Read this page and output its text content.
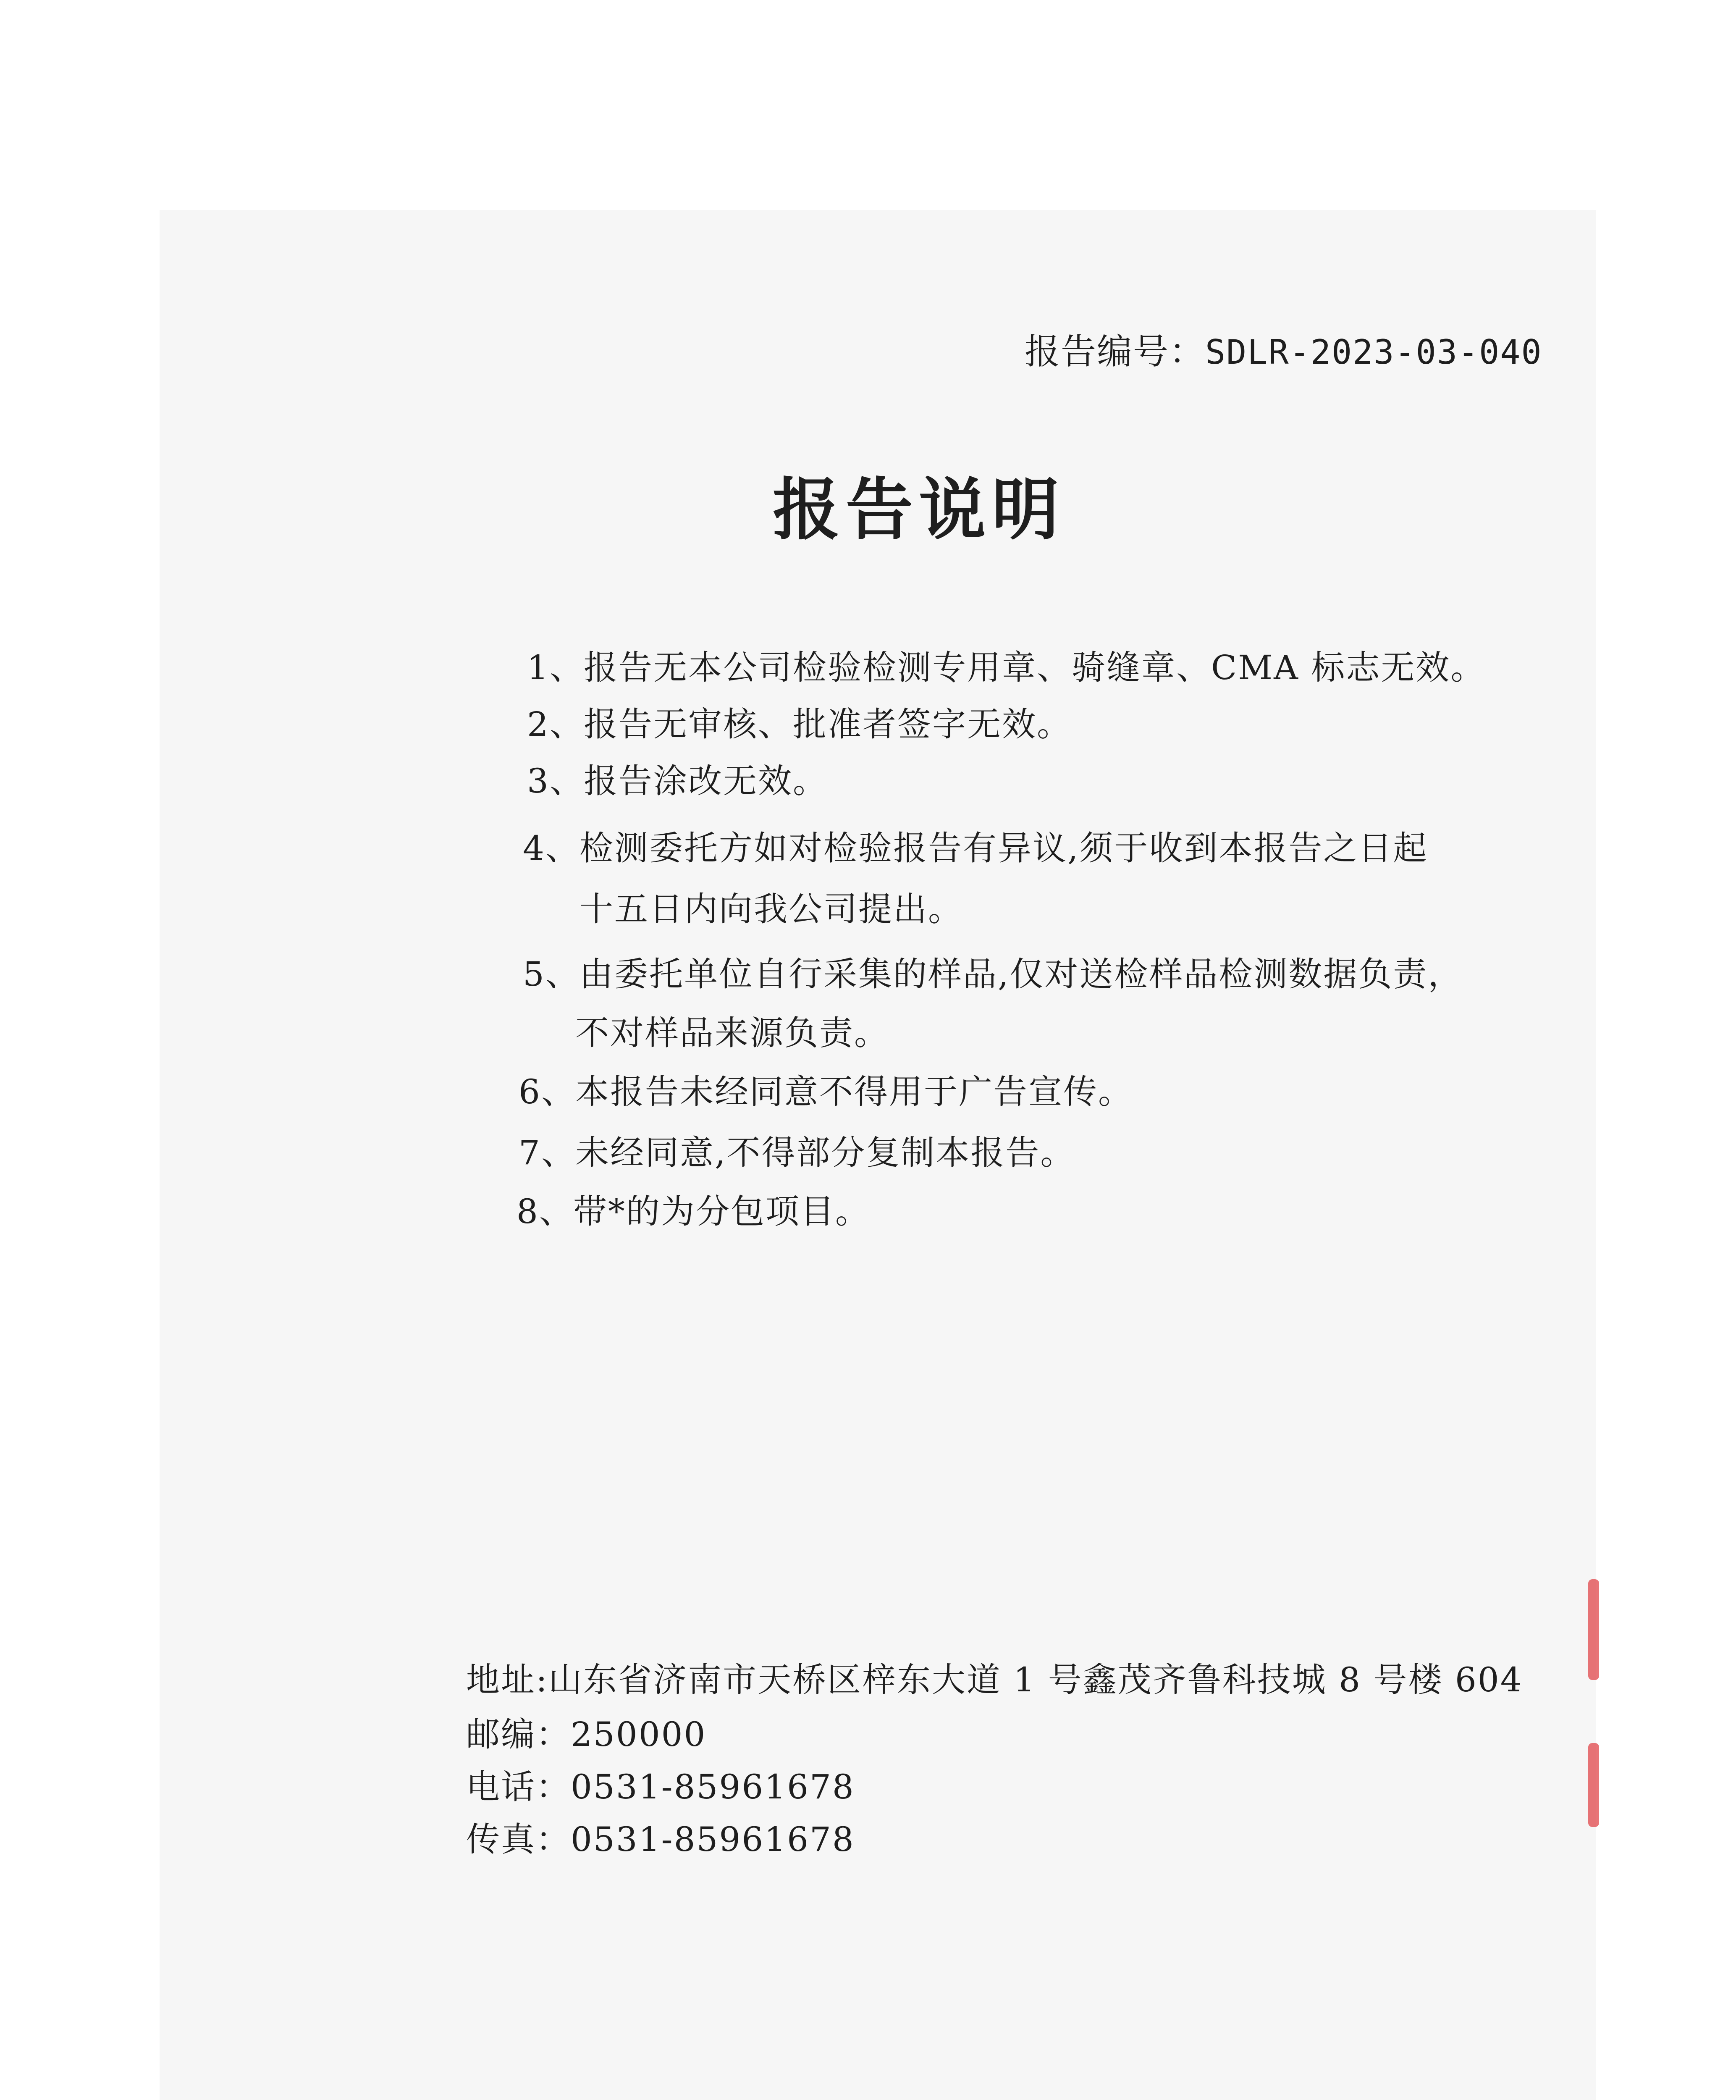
报告编号：SDLR-2023-03-040
报告说明
1、报告无本公司检验检测专用章、骑缝章、CMA 标志无效。
2、报告无审核、批准者签字无效。
3、报告涂改无效。
4、检测委托方如对检验报告有异议,须于收到本报告之日起
十五日内向我公司提出。
5、由委托单位自行采集的样品,仅对送检样品检测数据负责，
不对样品来源负责。
6、本报告未经同意不得用于广告宣传。
7、未经同意,不得部分复制本报告。
8、带*的为分包项目。
地址:山东省济南市天桥区梓东大道 1 号鑫茂齐鲁科技城 8 号楼 604
邮编：250000
电话：0531-85961678
传真：0531-85961678
